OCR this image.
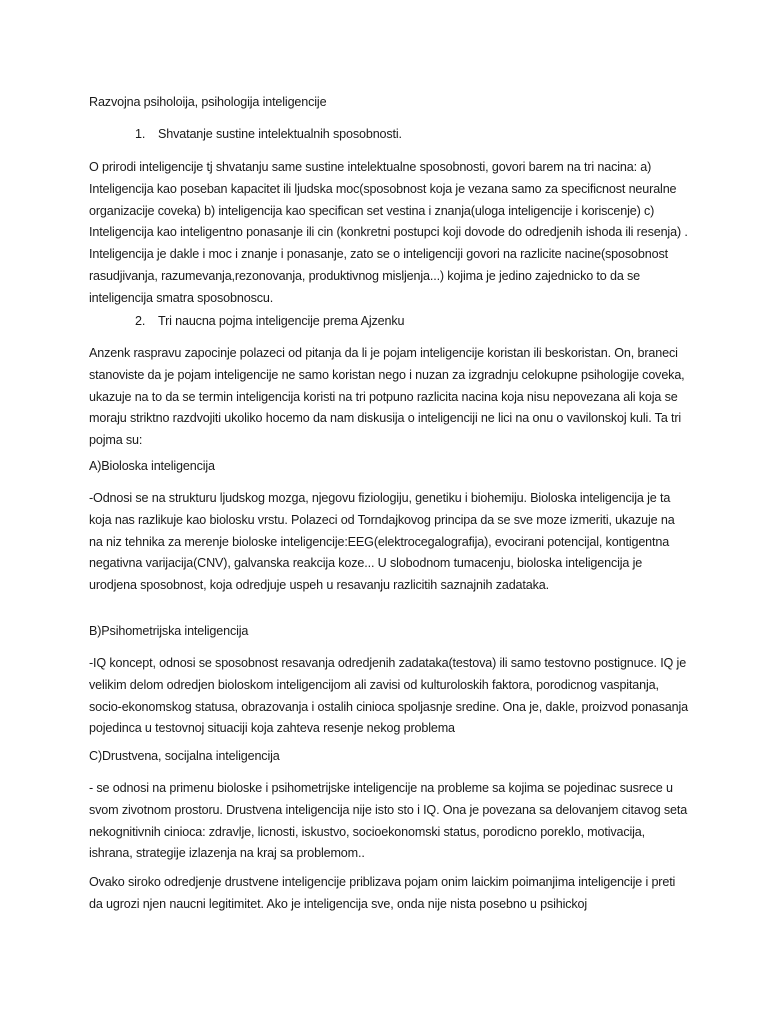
Razvojna psiholoija, psihologija inteligencije

1. Shvatanje sustine intelektualnih sposobnosti.

O prirodi inteligencije tj shvatanju same sustine intelektualne sposobnosti, govori barem na tri nacina: a) Inteligencija kao poseban kapacitet ili ljudska moc(sposobnost koja je vezana samo za specificnost neuralne organizacije coveka) b) inteligencija kao specifican set vestina i znanja(uloga inteligencije i koriscenje) c) Inteligencija kao inteligentno ponasanje ili cin (konkretni postupci koji dovode do odredjenih ishoda ili resenja) . Inteligencija je dakle i moc i znanje i ponasanje, zato se o inteligenciji govori na razlicite nacine(sposobnost rasudjivanja, razumevanja,rezonovanja, produktivnog misljenja...) kojima je jedino zajednicko to da se inteligencija smatra sposobnoscu.

2. Tri naucna pojma inteligencije prema Ajzenku

Anzenk raspravu zapocinje polazeci od pitanja da li je pojam inteligencije koristan ili beskoristan. On, braneci stanoviste da je pojam inteligencije ne samo koristan nego i nuzan za izgradnju celokupne psihologije coveka, ukazuje na to da se termin inteligencija koristi na tri potpuno razlicita nacina koja nisu nepovezana ali koja se moraju striktno razdvojiti ukoliko hocemo da nam diskusija o inteligenciji ne lici na onu o vavilonskoj kuli. Ta tri pojma su:

A)Bioloska inteligencija

-Odnosi se na strukturu ljudskog mozga, njegovu fiziologiju, genetiku i biohemiju. Bioloska inteligencija je ta koja nas razlikuje kao biolosku vrstu. Polazeci od Torndajkovog principa da se sve moze izmeriti, ukazuje na na niz tehnika za merenje bioloske inteligencije:EEG(elektrocegalografija), evocirani potencijal, kontigentna negativna varijacija(CNV), galvanska reakcija koze... U slobodnom tumacenju, bioloska inteligencija je urodjena sposobnost, koja odredjuje uspeh u resavanju razlicitih saznajnih zadataka.

B)Psihometrijska inteligencija

-IQ koncept, odnosi se sposobnost resavanja odredjenih zadataka(testova) ili samo testovno postignuce. IQ je velikim delom odredjen bioloskom inteligencijom ali zavisi od kulturoloskih faktora, porodicnog vaspitanja, socio-ekonomskog statusa, obrazovanja i ostalih cinioca spoljasnje sredine. Ona je, dakle, proizvod ponasanja pojedinca u testovnoj situaciji koja zahteva resenje nekog problema

C)Drustvena, socijalna inteligencija

- se odnosi na primenu bioloske i psihometrijske inteligencije na probleme sa kojima se pojedinac susrece u svom zivotnom prostoru. Drustvena inteligencija nije isto sto i IQ. Ona je povezana sa delovanjem citavog seta nekognitivnih cinioca: zdravlje, licnosti, iskustvo, socioekonomski status, porodicno poreklo, motivacija, ishrana, strategije izlazenja na kraj sa problemom..

Ovako siroko odredjenje drustvene inteligencije priblizava pojam onim laickim poimanjima inteligencije i preti da ugrozi njen naucni legitimitet. Ako je inteligencija sve, onda nije nista posebno u psihickoj
